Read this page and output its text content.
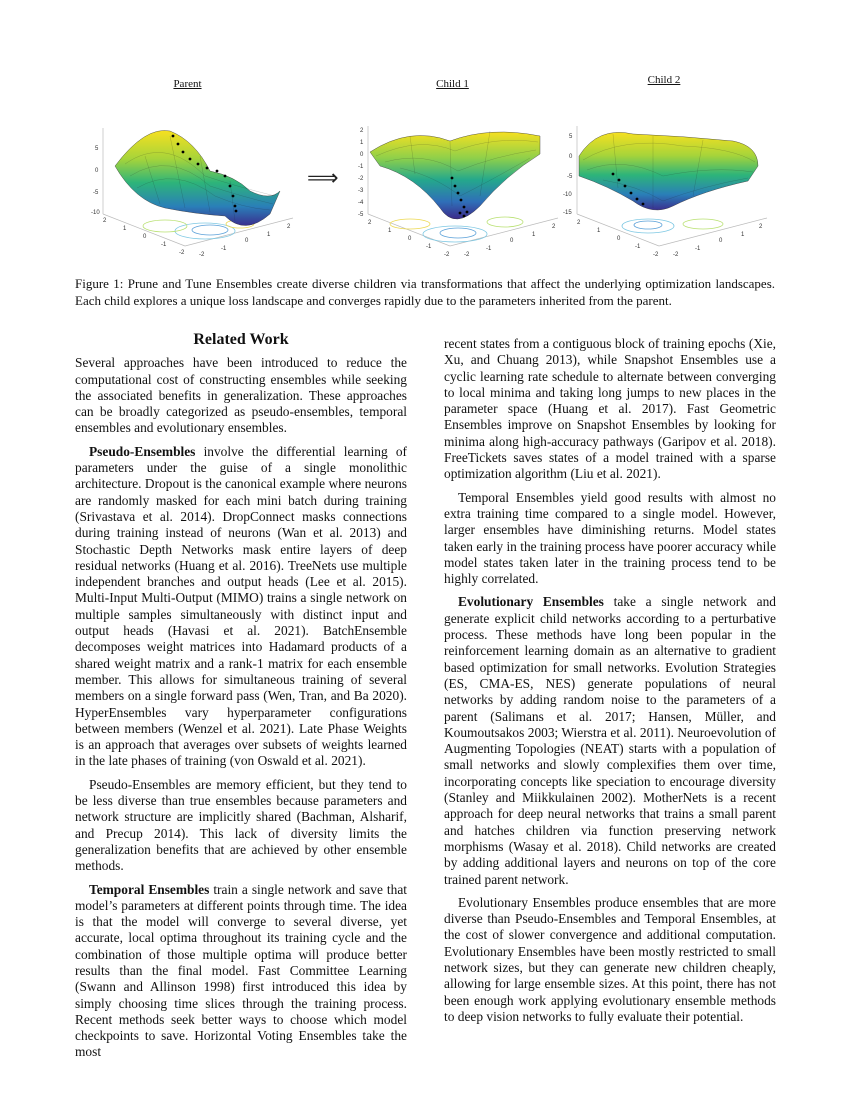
Parent
5
0
-5
-10
2
1
0
-1
-2 -2
-1
0
1
2
⟹
Child 1
2
1
0
-1
-2
-3
-4
-5
2
1
0
-1
-2 -2
-1
0
1
2
Child 2
5
0
-5
-10
-15
2
1
0
-1
-2 -2
-1
0
1
2
Figure 1: Prune and Tune Ensembles create diverse children via transformations that affect the underlying optimization landscapes. Each child explores a unique loss landscape and converges rapidly due to the parameters inherited from the parent.
Related Work

Several approaches have been introduced to reduce the computational cost of constructing ensembles while seeking the associated benefits in generalization. These approaches can be broadly categorized as pseudo-ensembles, temporal ensembles and evolutionary ensembles.

Pseudo-Ensembles involve the differential learning of parameters under the guise of a single monolithic architecture. Dropout is the canonical example where neurons are randomly masked for each mini batch during training (Srivastava et al. 2014). DropConnect masks connections during training instead of neurons (Wan et al. 2013) and Stochastic Depth Networks mask entire layers of deep residual networks (Huang et al. 2016). TreeNets use multiple independent branches and output heads (Lee et al. 2015). Multi-Input Multi-Output (MIMO) trains a single network on multiple samples simultaneously with distinct input and output heads (Havasi et al. 2021). BatchEnsemble decomposes weight matrices into Hadamard products of a shared weight matrix and a rank-1 matrix for each ensemble member. This allows for simultaneous training of several members on a single forward pass (Wen, Tran, and Ba 2020). HyperEnsembles vary hyperparameter configurations between members (Wenzel et al. 2021). Late Phase Weights is an approach that averages over subsets of weights learned in the late phases of training (von Oswald et al. 2021).

Pseudo-Ensembles are memory efficient, but they tend to be less diverse than true ensembles because parameters and network structure are implicitly shared (Bachman, Alsharif, and Precup 2014). This lack of diversity limits the generalization benefits that are achieved by other ensemble methods.

Temporal Ensembles train a single network and save that model’s parameters at different points through time. The idea is that the model will converge to several diverse, yet accurate, local optima throughout its training cycle and the combination of those multiple optima will produce better results than the final model. Fast Committee Learning (Swann and Allinson 1998) first introduced this idea by simply choosing time slices through the training process. Recent methods seek better ways to choose which model checkpoints to save. Horizontal Voting Ensembles take the most

recent states from a contiguous block of training epochs (Xie, Xu, and Chuang 2013), while Snapshot Ensembles use a cyclic learning rate schedule to alternate between converging to local minima and taking long jumps to new places in the parameter space (Huang et al. 2017). Fast Geometric Ensembles improve on Snapshot Ensembles by looking for minima along high-accuracy pathways (Garipov et al. 2018). FreeTickets saves states of a model trained with a sparse optimization algorithm (Liu et al. 2021).

Temporal Ensembles yield good results with almost no extra training time compared to a single model. However, larger ensembles have diminishing returns. Model states taken early in the training process have poorer accuracy while model states taken later in the training process tend to be highly correlated.

Evolutionary Ensembles take a single network and generate explicit child networks according to a perturbative process. These methods have long been popular in the reinforcement learning domain as an alternative to gradient based optimization for small networks. Evolution Strategies (ES, CMA-ES, NES) generate populations of neural networks by adding random noise to the parameters of a parent (Salimans et al. 2017; Hansen, Müller, and Koumoutsakos 2003; Wierstra et al. 2011). Neuroevolution of Augmenting Topologies (NEAT) starts with a population of small networks and slowly complexifies them over time, incorporating concepts like speciation to encourage diversity (Stanley and Miikkulainen 2002). MotherNets is a recent approach for deep neural networks that trains a small parent and hatches children via function preserving network morphisms (Wasay et al. 2018). Child networks are created by adding additional layers and neurons on top of the core trained parent network.

Evolutionary Ensembles produce ensembles that are more diverse than Pseudo-Ensembles and Temporal Ensembles, at the cost of slower convergence and additional computation. Evolutionary Ensembles have been mostly restricted to small network sizes, but they can generate new children cheaply, allowing for large ensemble sizes. At this point, there has not been enough work applying evolutionary ensemble methods to deep vision networks to fully evaluate their potential.
